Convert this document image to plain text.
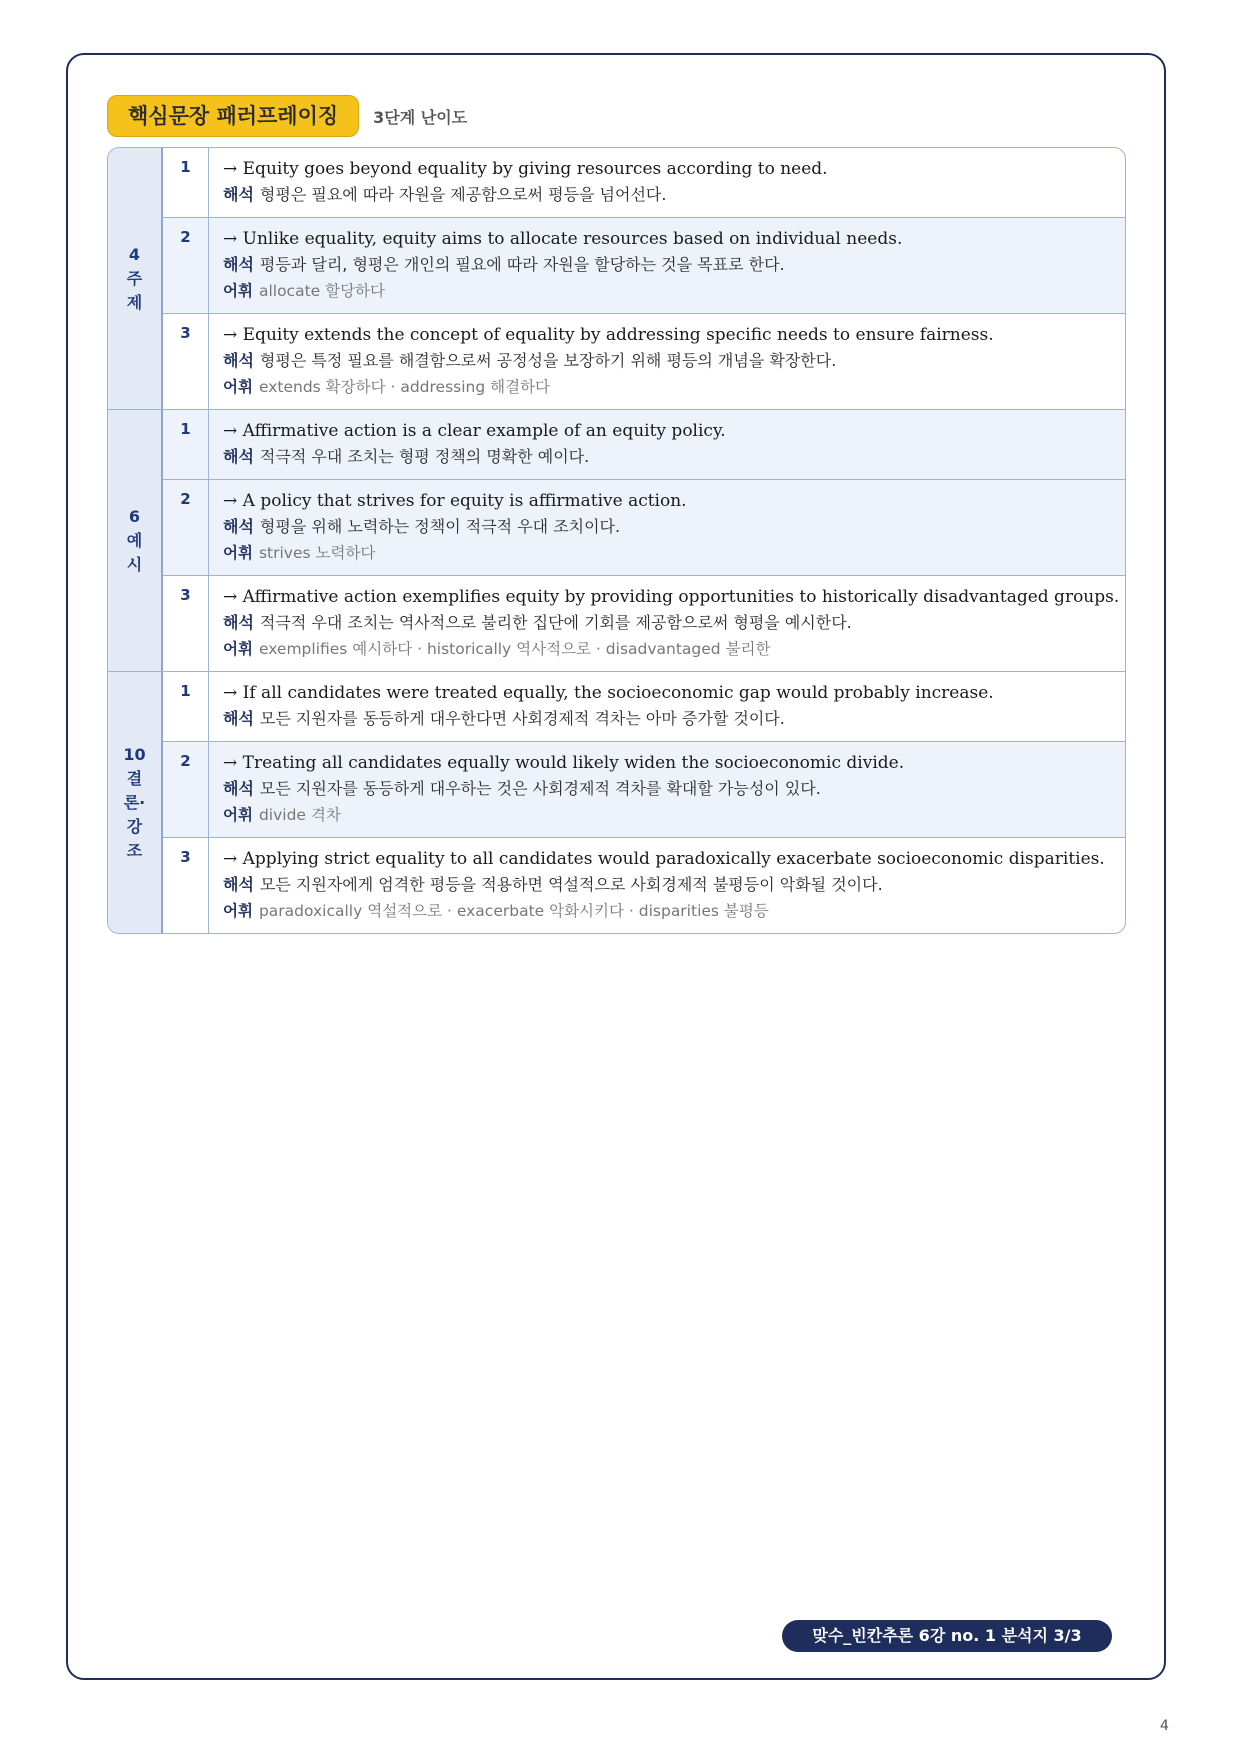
핵심문장 패러프레이징	3단계 난이도
4 주제
1	→ Equity goes beyond equality by giving resources according to need.
해석 형평은 필요에 따라 자원을 제공함으로써 평등을 넘어선다.
2	→ Unlike equality, equity aims to allocate resources based on individual needs.
해석 평등과 달리, 형평은 개인의 필요에 따라 자원을 할당하는 것을 목표로 한다.
어휘 allocate 할당하다
3	→ Equity extends the concept of equality by addressing specific needs to ensure fairness.
해석 형평은 특정 필요를 해결함으로써 공정성을 보장하기 위해 평등의 개념을 확장한다.
어휘 extends 확장하다 · addressing 해결하다
6 예시
1	→ Affirmative action is a clear example of an equity policy.
해석 적극적 우대 조치는 형평 정책의 명확한 예이다.
2	→ A policy that strives for equity is affirmative action.
해석 형평을 위해 노력하는 정책이 적극적 우대 조치이다.
어휘 strives 노력하다
3	→ Affirmative action exemplifies equity by providing opportunities to historically disadvantaged groups.
해석 적극적 우대 조치는 역사적으로 불리한 집단에 기회를 제공함으로써 형평을 예시한다.
어휘 exemplifies 예시하다 · historically 역사적으로 · disadvantaged 불리한
10 결론·강조
1	→ If all candidates were treated equally, the socioeconomic gap would probably increase.
해석 모든 지원자를 동등하게 대우한다면 사회경제적 격차는 아마 증가할 것이다.
2	→ Treating all candidates equally would likely widen the socioeconomic divide.
해석 모든 지원자를 동등하게 대우하는 것은 사회경제적 격차를 확대할 가능성이 있다.
어휘 divide 격차
3	→ Applying strict equality to all candidates would paradoxically exacerbate socioeconomic disparities.
해석 모든 지원자에게 엄격한 평등을 적용하면 역설적으로 사회경제적 불평등이 악화될 것이다.
어휘 paradoxically 역설적으로 · exacerbate 악화시키다 · disparities 불평등
맞수_빈칸추론 6강 no. 1 분석지 3/3
4
